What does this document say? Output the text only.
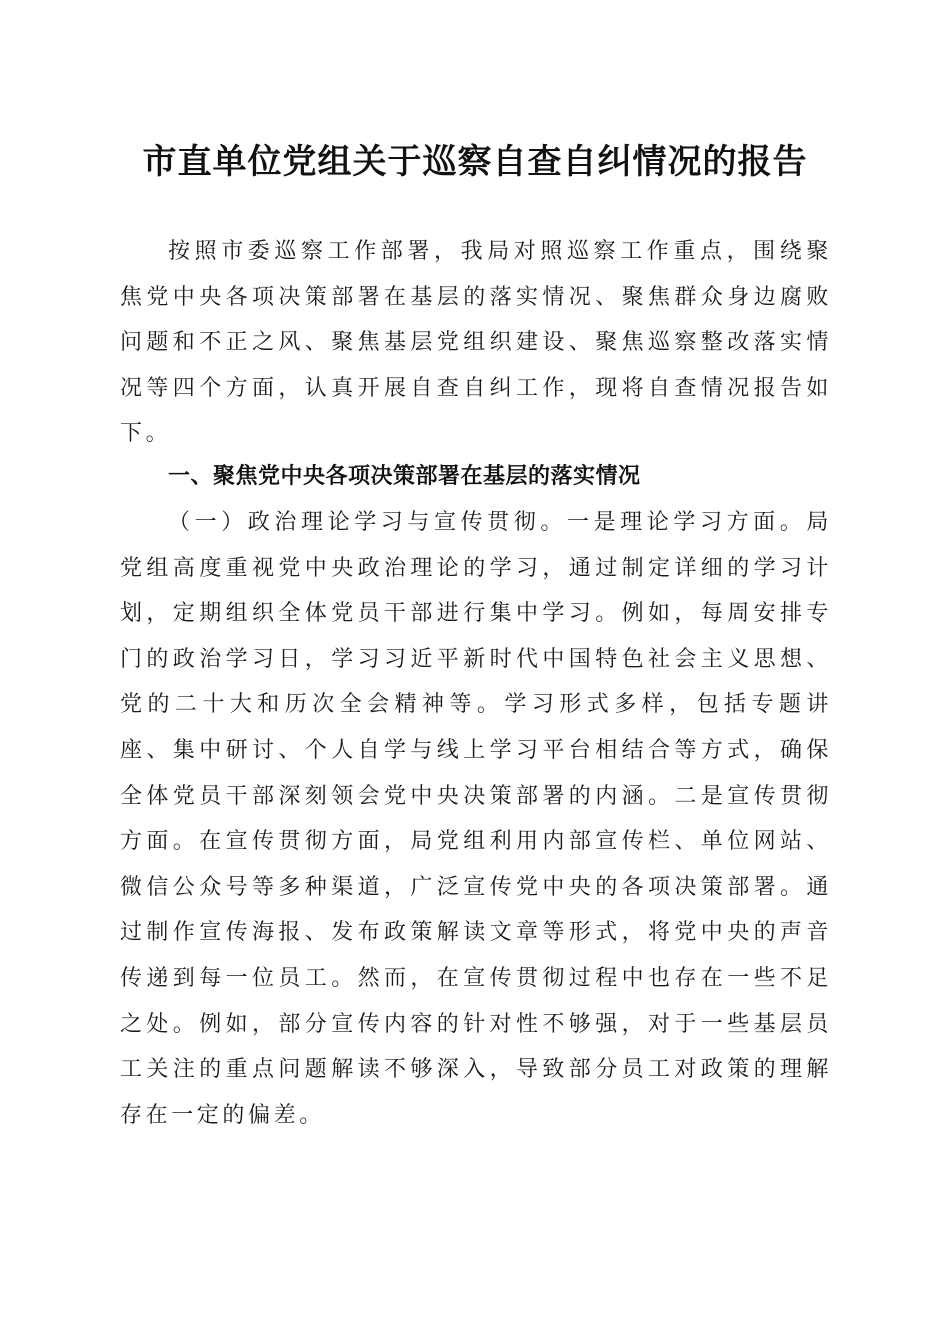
市直单位党组关于巡察自查自纠情况的报告
按照市委巡察工作部署，我局对照巡察工作重点，围绕聚焦党中央各项决策部署在基层的落实情况、聚焦群众身边腐败问题和不正之风、聚焦基层党组织建设、聚焦巡察整改落实情况等四个方面，认真开展自查自纠工作，现将自查情况报告如下。
一、聚焦党中央各项决策部署在基层的落实情况
（一）政治理论学习与宣传贯彻。一是理论学习方面。局党组高度重视党中央政治理论的学习，通过制定详细的学习计划，定期组织全体党员干部进行集中学习。例如，每周安排专门的政治学习日，学习习近平新时代中国特色社会主义思想、党的二十大和历次全会精神等。学习形式多样，包括专题讲座、集中研讨、个人自学与线上学习平台相结合等方式，确保全体党员干部深刻领会党中央决策部署的内涵。二是宣传贯彻方面。在宣传贯彻方面，局党组利用内部宣传栏、单位网站、微信公众号等多种渠道，广泛宣传党中央的各项决策部署。通过制作宣传海报、发布政策解读文章等形式，将党中央的声音传递到每一位员工。然而，在宣传贯彻过程中也存在一些不足之处。例如，部分宣传内容的针对性不够强，对于一些基层员工关注的重点问题解读不够深入，导致部分员工对政策的理解存在一定的偏差。
